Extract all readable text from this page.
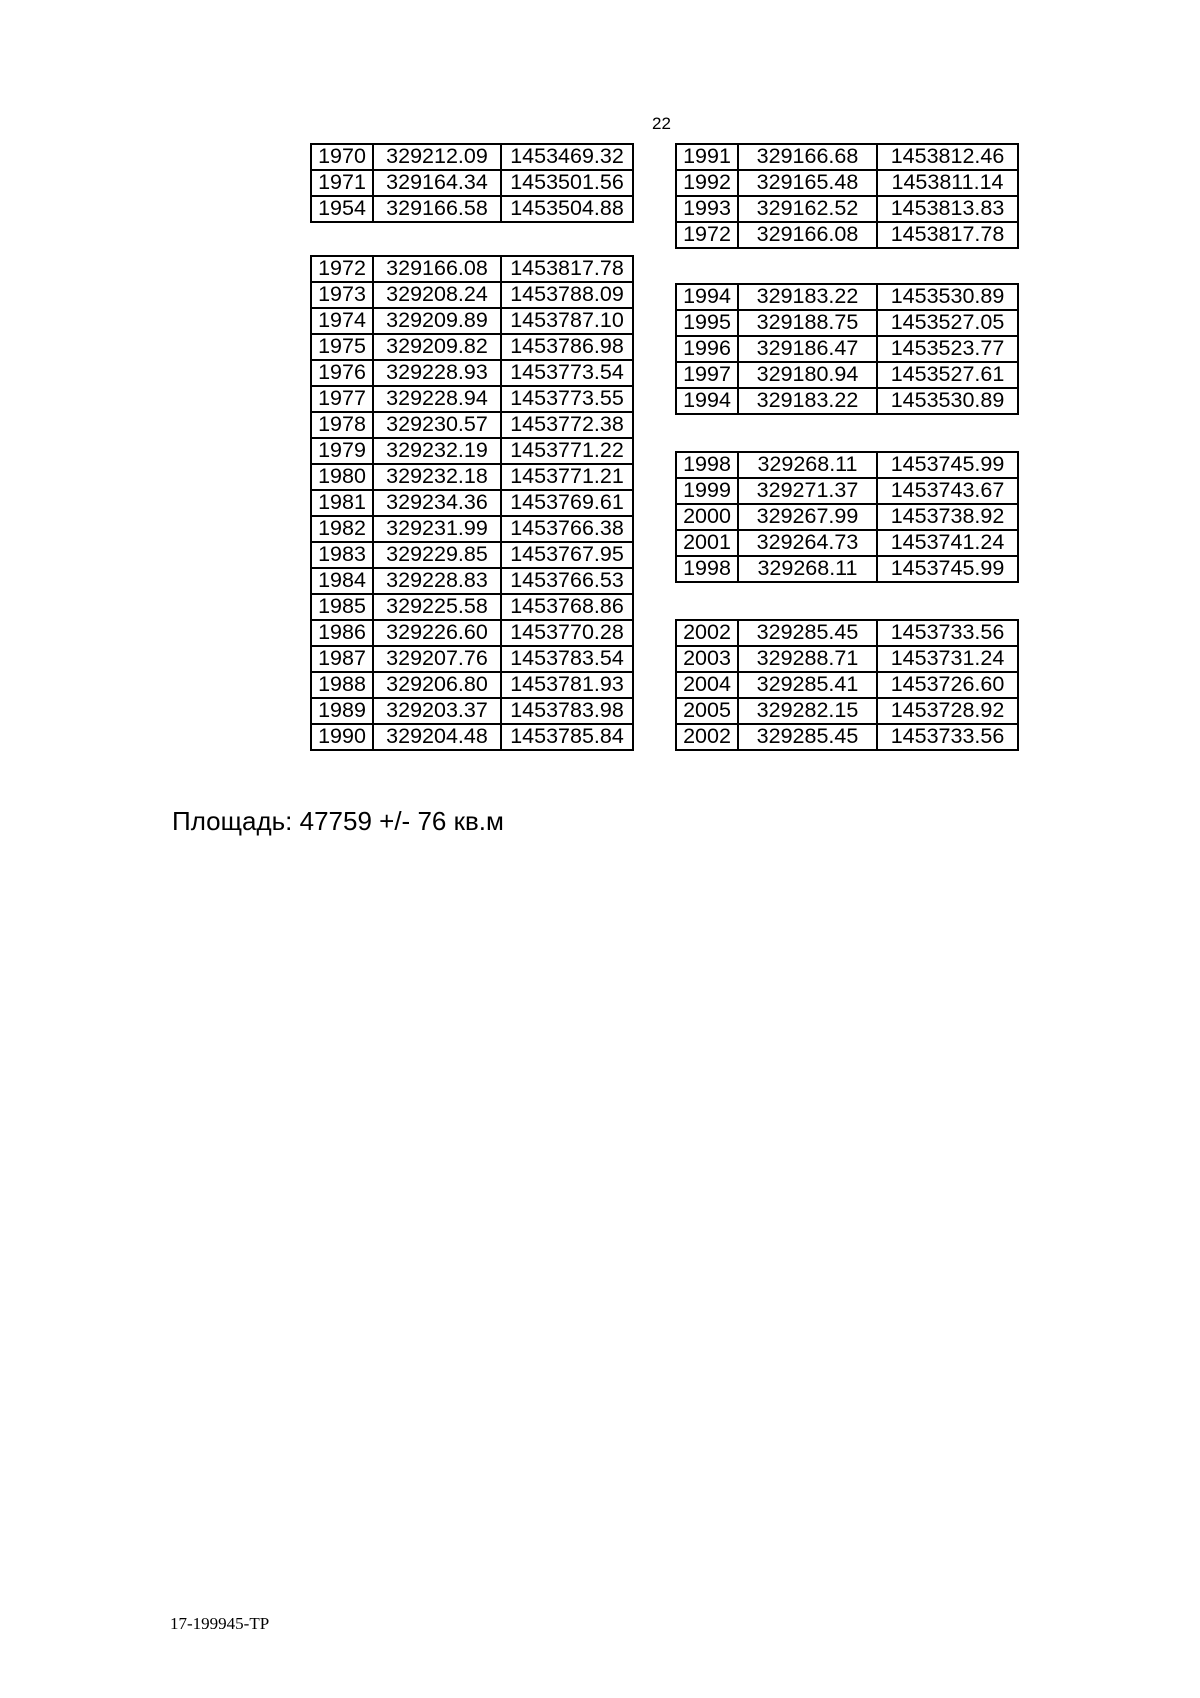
22
1970	329212.09	1453469.32
1971	329164.34	1453501.56
1954	329166.58	1453504.88
1972	329166.08	1453817.78
1973	329208.24	1453788.09
1974	329209.89	1453787.10
1975	329209.82	1453786.98
1976	329228.93	1453773.54
1977	329228.94	1453773.55
1978	329230.57	1453772.38
1979	329232.19	1453771.22
1980	329232.18	1453771.21
1981	329234.36	1453769.61
1982	329231.99	1453766.38
1983	329229.85	1453767.95
1984	329228.83	1453766.53
1985	329225.58	1453768.86
1986	329226.60	1453770.28
1987	329207.76	1453783.54
1988	329206.80	1453781.93
1989	329203.37	1453783.98
1990	329204.48	1453785.84
1991	329166.68	1453812.46
1992	329165.48	1453811.14
1993	329162.52	1453813.83
1972	329166.08	1453817.78
1994	329183.22	1453530.89
1995	329188.75	1453527.05
1996	329186.47	1453523.77
1997	329180.94	1453527.61
1994	329183.22	1453530.89
1998	329268.11	1453745.99
1999	329271.37	1453743.67
2000	329267.99	1453738.92
2001	329264.73	1453741.24
1998	329268.11	1453745.99
2002	329285.45	1453733.56
2003	329288.71	1453731.24
2004	329285.41	1453726.60
2005	329282.15	1453728.92
2002	329285.45	1453733.56
Площадь: 47759 +/- 76 кв.м
17-199945-ТР
